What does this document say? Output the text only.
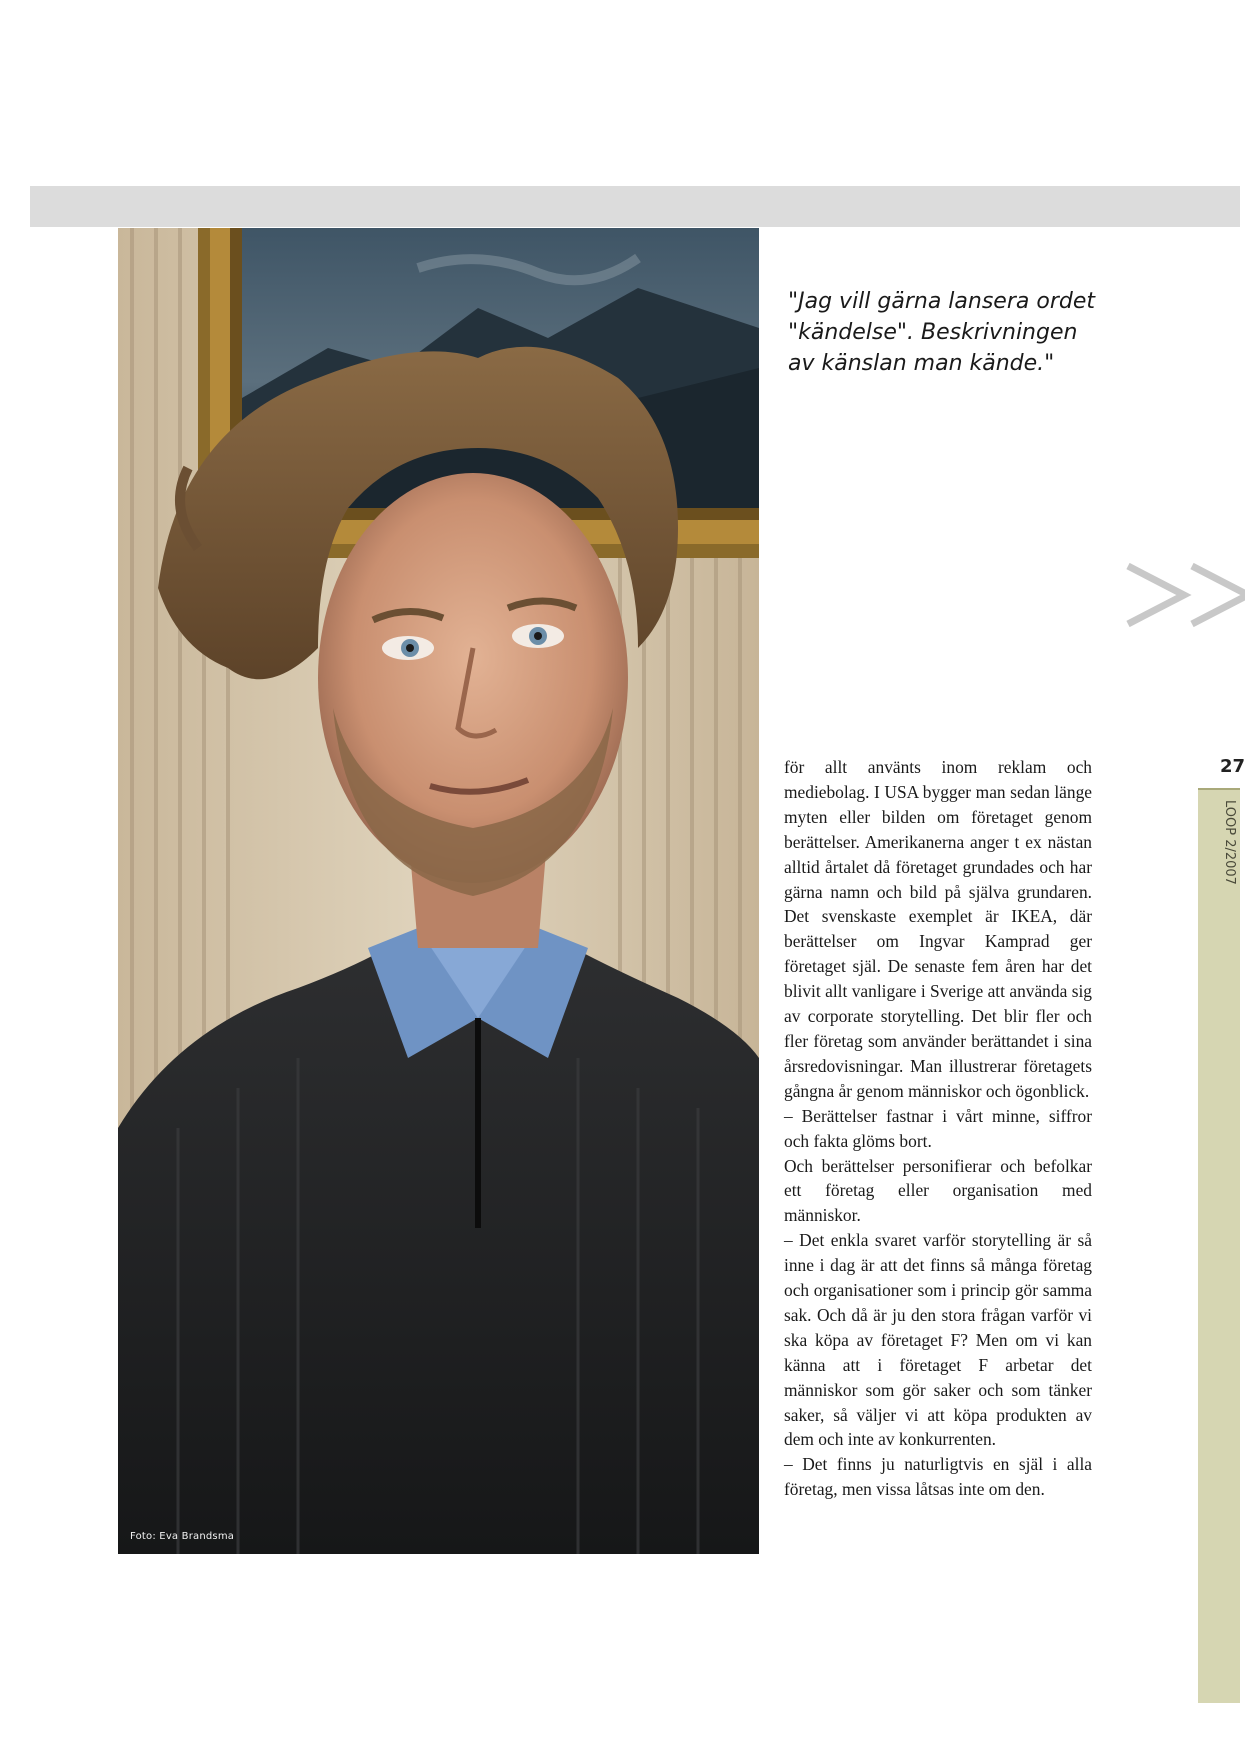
Foto: Eva Brandsma

"Jag vill gärna lansera ordet "kändelse". Beskrivningen av känslan man kände."

27
LOOP 2/2007

för allt använts inom reklam och mediebolag. I USA bygger man sedan länge myten eller bilden om företaget genom berättelser. Amerikanerna anger t ex nästan alltid årtalet då företaget grundades och har gärna namn och bild på själva grundaren. Det svenskaste exemplet är IKEA, där berättelser om Ingvar Kamprad ger företaget själ. De senaste fem åren har det blivit allt vanligare i Sverige att använda sig av corporate storytelling. Det blir fler och fler företag som använder berättandet i sina årsredovisningar. Man illustrerar företagets gångna år genom människor och ögonblick.

– Berättelser fastnar i vårt minne, siffror och fakta glöms bort.

Och berättelser personifierar och befolkar ett företag eller organisation med människor.

– Det enkla svaret varför storytelling är så inne i dag är att det finns så många företag och organisationer som i princip gör samma sak. Och då är ju den stora frågan varför vi ska köpa av företaget F? Men om vi kan känna att i företaget F arbetar det människor som gör saker och som tänker saker, så väljer vi att köpa produkten av dem och inte av konkurrenten.

– Det finns ju naturligtvis en själ i alla företag, men vissa låtsas inte om den.
